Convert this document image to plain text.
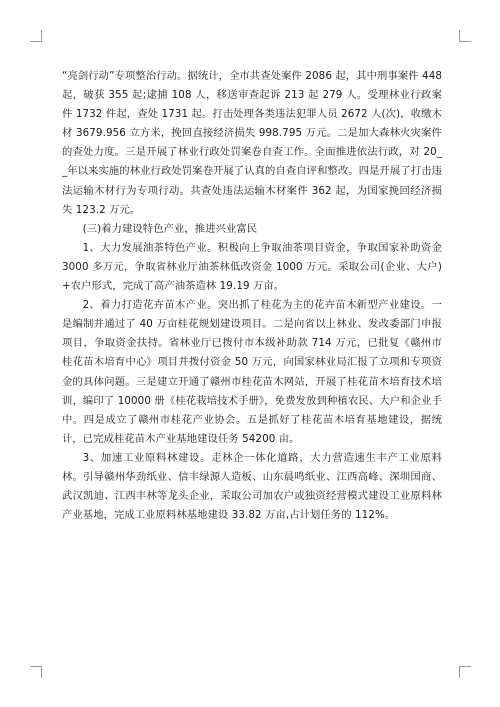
“亮剑行动”专项整治行动。据统计，全市共查处案件 2086 起，其中刑事案件 448 起，破获 355 起;逮捕 108 人，移送审查起诉 213 起 279 人。受理林业行政案件 1732 件起，查处 1731 起。打击处理各类违法犯罪人员 2672 人(次)，收缴木材 3679.956 立方米，挽回直接经济损失 998.795 万元。二是加大森林火灾案件的查处力度。三是开展了林业行政处罚案卷自查工作。全面推进依法行政，对 20__年以来实施的林业行政处罚案卷开展了认真的自查自评和整改。四是开展了打击违法运输木材行为专项行动。共查处违法运输木材案件 362 起，为国家挽回经济损失 123.2 万元。

(三)着力建设特色产业，推进兴业富民

1、大力发展油茶特色产业。积极向上争取油茶项目资金，争取国家补助资金 3000 多万元，争取省林业厅油茶林低改资金 1000 万元。采取公司(企业、大户)+农户形式，完成了高产油茶造林 19.19 万亩。

2、着力打造花卉苗木产业。突出抓了桂花为主的花卉苗木新型产业建设。一是编制并通过了 40 万亩桂花规划建设项目。二是向省以上林业、发改委部门申报项目，争取资金扶持。省林业厅已拨付市本级补助款 714 万元，已批复《赣州市桂花苗木培育中心》项目并拨付资金 50 万元，向国家林业局汇报了立项和专项资金的具体问题。三是建立开通了赣州市桂花苗木网站，开展了桂花苗木培育技术培训，编印了 10000 册《桂花栽培技术手册》，免费发放到种植农民、大户和企业手中。四是成立了赣州市桂花产业协会。五是抓好了桂花苗木培育基地建设，据统计，已完成桂花苗木产业基地建设任务 54200 亩。

3、加速工业原料林建设。走林企一体化道路，大力营造速生丰产工业原料林。引导赣州华劲纸业、信丰绿源人造板、山东晨鸣纸业、江西高峰、深圳国商、武汉凯迪、江西丰林等龙头企业，采取公司加农户或独资经营模式建设工业原料林产业基地，完成工业原料林基地建设 33.82 万亩,占计划任务的 112%。
